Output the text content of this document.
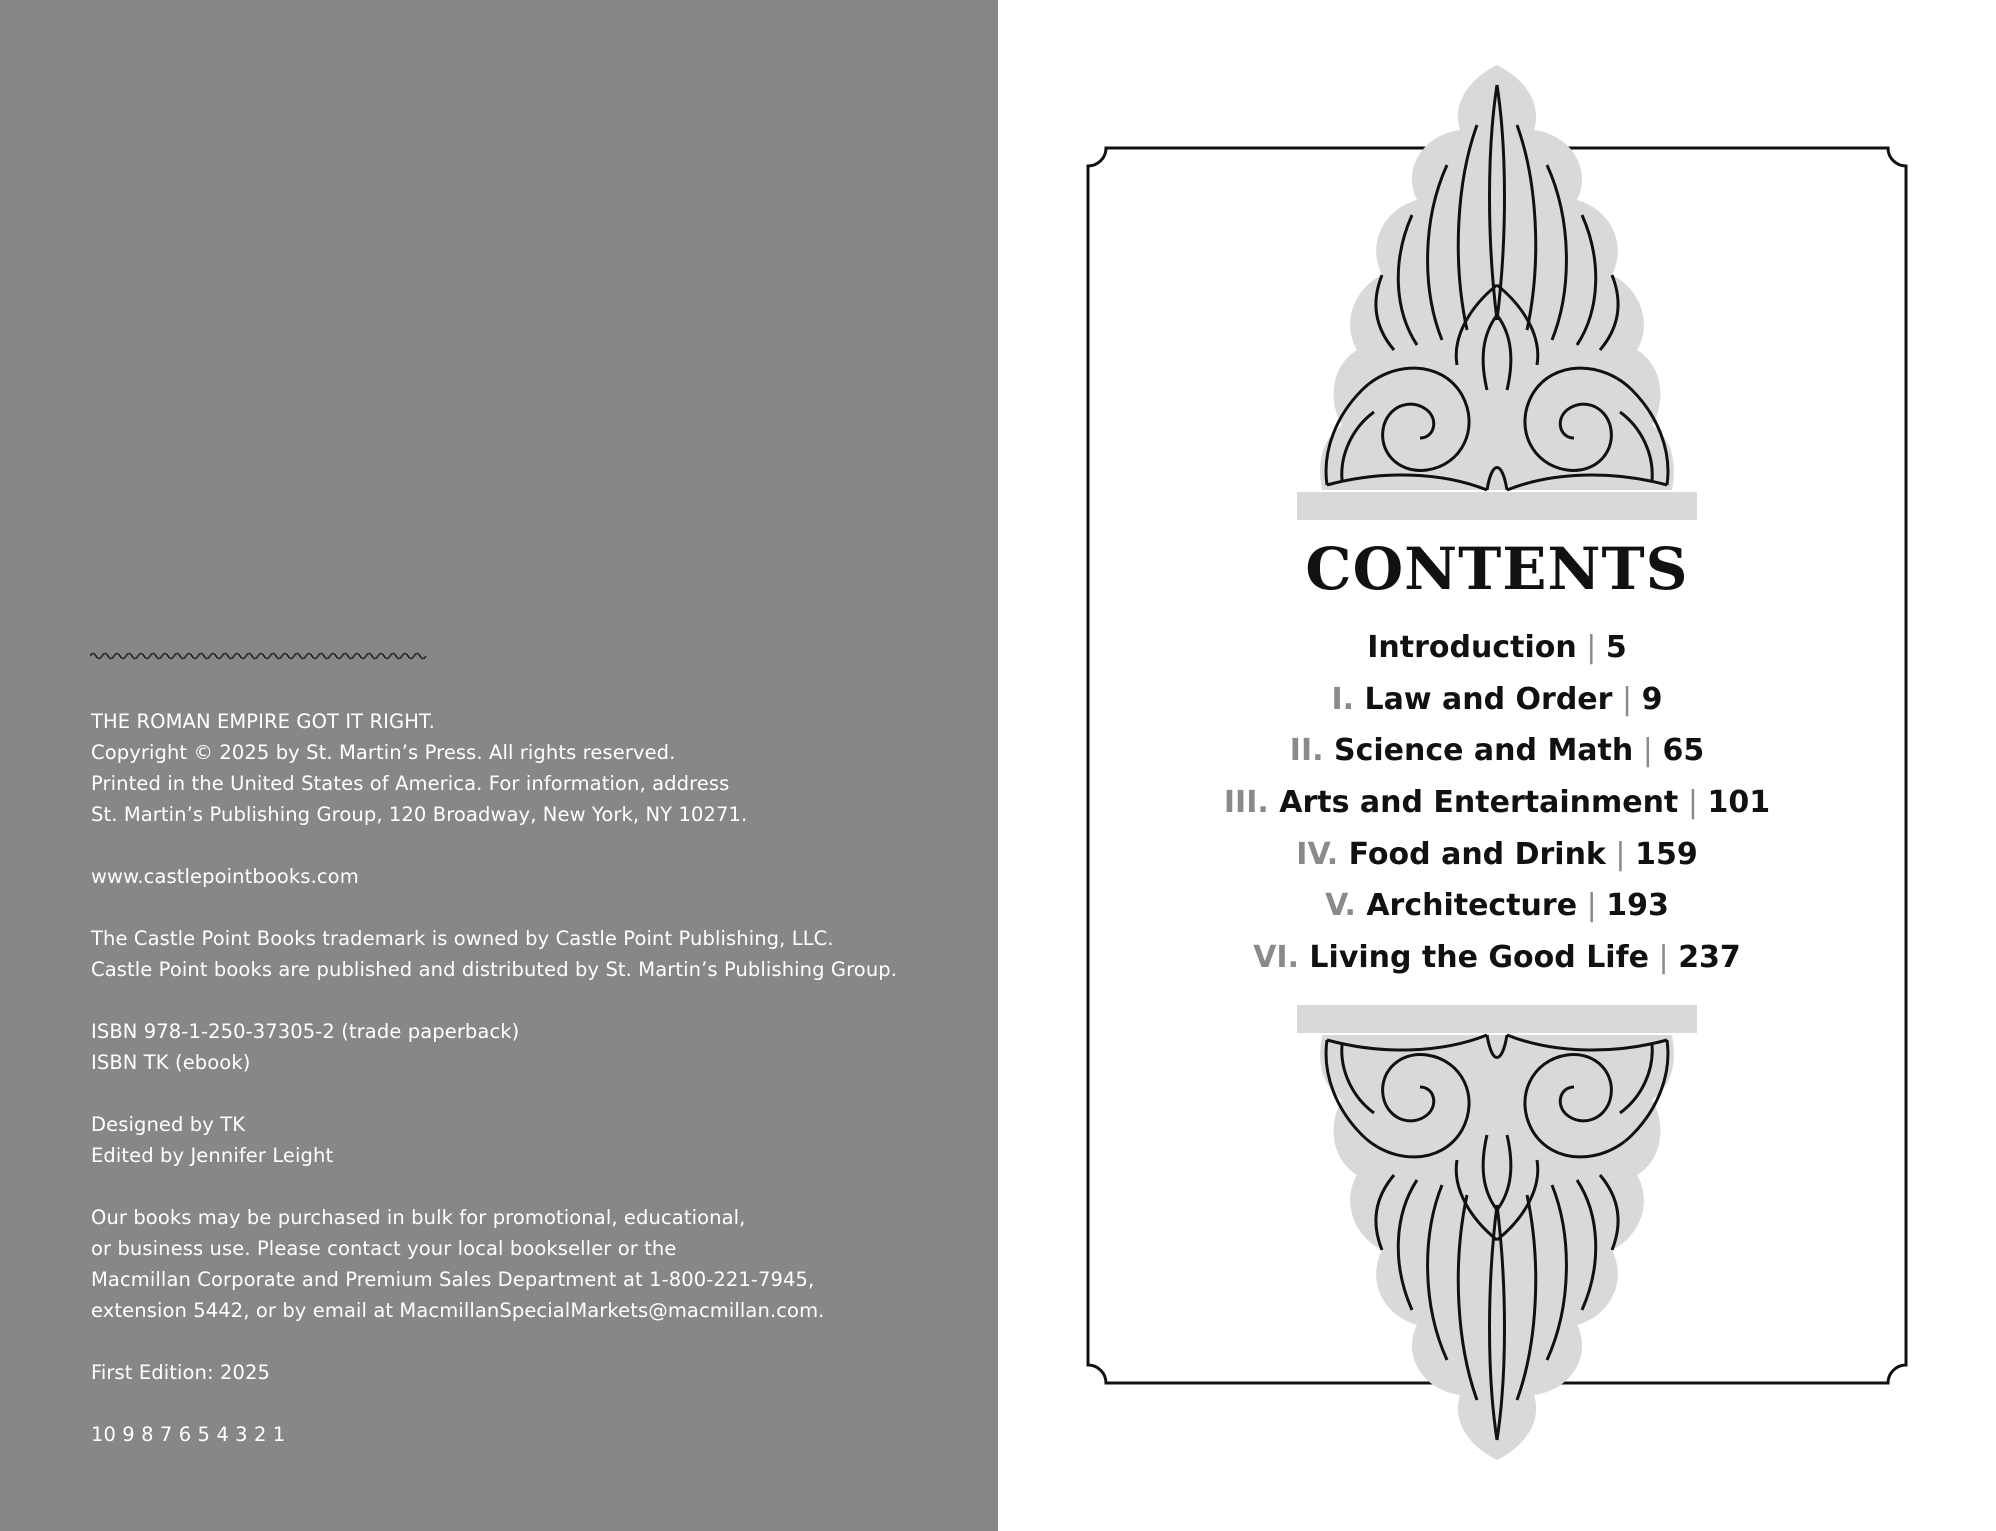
THE ROMAN EMPIRE GOT IT RIGHT.
Copyright © 2025 by St. Martin’s Press. All rights reserved.
Printed in the United States of America. For information, address
St. Martin’s Publishing Group, 120 Broadway, New York, NY 10271.
www.castlepointbooks.com
The Castle Point Books trademark is owned by Castle Point Publishing, LLC.
Castle Point books are published and distributed by St. Martin’s Publishing Group.
ISBN 978-1-250-37305-2 (trade paperback)
ISBN TK (ebook)
Designed by TK
Edited by Jennifer Leight
Our books may be purchased in bulk for promotional, educational,
or business use. Please contact your local bookseller or the
Macmillan Corporate and Premium Sales Department at 1-800-221-7945,
extension 5442, or by email at MacmillanSpecialMarkets@macmillan.com.
First Edition: 2025
10 9 8 7 6 5 4 3 2 1
CONTENTS
Introduction | 5
I. Law and Order | 9
II. Science and Math | 65
III. Arts and Entertainment | 101
IV. Food and Drink | 159
V. Architecture | 193
VI. Living the Good Life | 237
